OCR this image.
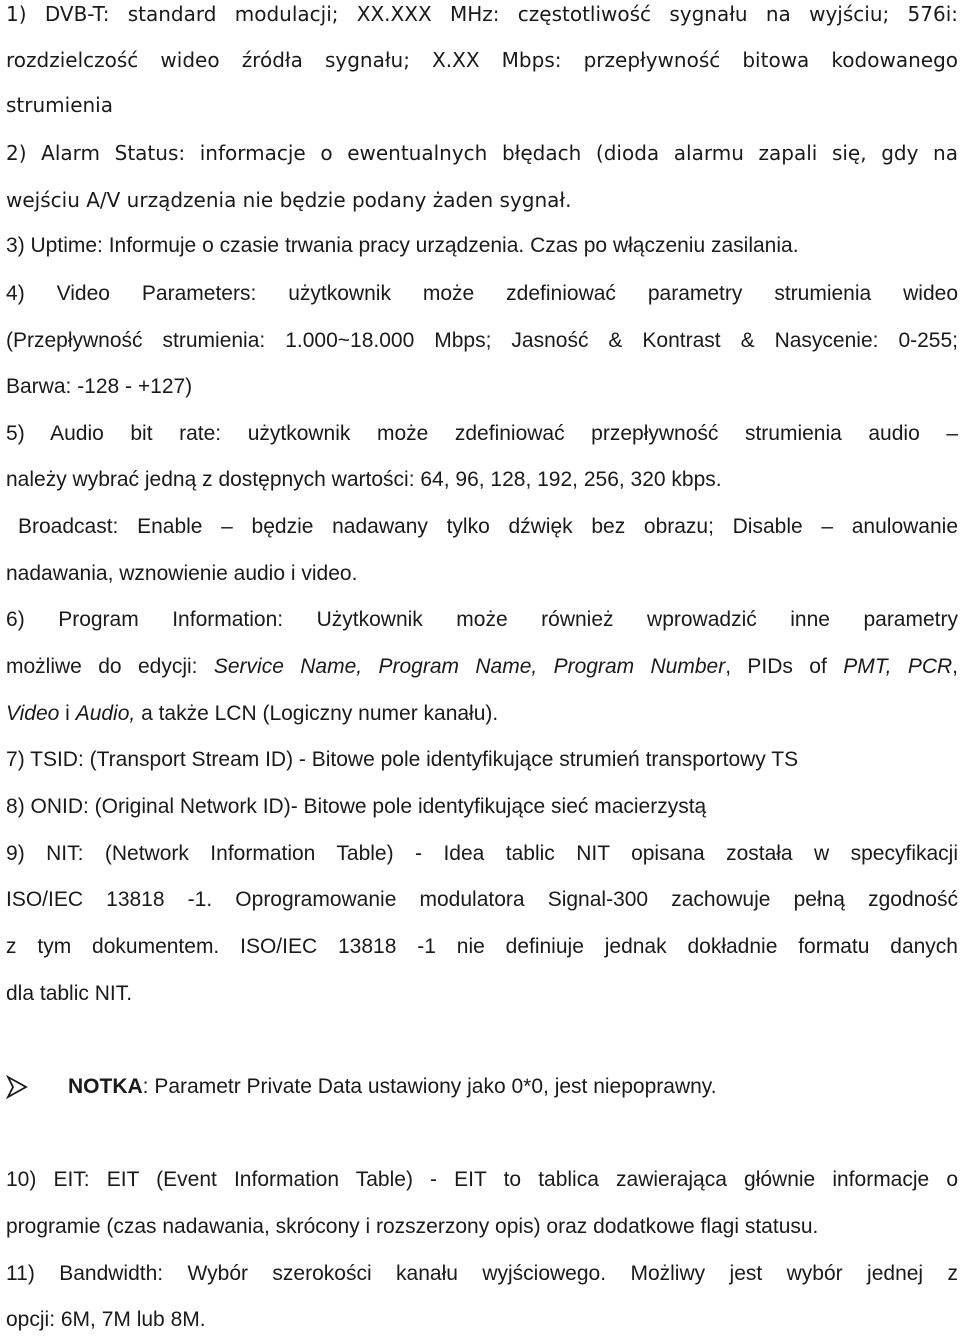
1) DVB-T: standard modulacji; XX.XXX MHz: częstotliwość sygnału na wyjściu; 576i:
rozdzielczość wideo źródła sygnału; X.XX Mbps: przepływność bitowa kodowanego
strumienia
2) Alarm Status: informacje o ewentualnych błędach (dioda alarmu zapali się, gdy na
wejściu A/V urządzenia nie będzie podany żaden sygnał.
3) Uptime: Informuje o czasie trwania pracy urządzenia. Czas po włączeniu zasilania.
4) Video Parameters: użytkownik może zdefiniować parametry strumienia wideo
(Przepływność strumienia: 1.000~18.000 Mbps; Jasność & Kontrast & Nasycenie: 0-255;
Barwa: -128 - +127)
5) Audio bit rate: użytkownik może zdefiniować przepływność strumienia audio –
należy wybrać jedną z dostępnych wartości: 64, 96, 128, 192, 256, 320 kbps.
Broadcast: Enable – będzie nadawany tylko dźwięk bez obrazu; Disable – anulowanie
nadawania, wznowienie audio i video.
6) Program Information: Użytkownik może również wprowadzić inne parametry
możliwe do edycji: Service Name, Program Name, Program Number, PIDs of PMT, PCR,
Video i Audio, a także LCN (Logiczny numer kanału).
7) TSID: (Transport Stream ID) - Bitowe pole identyfikujące strumień transportowy TS
8) ONID: (Original Network ID)- Bitowe pole identyfikujące sieć macierzystą
9) NIT: (Network Information Table) - Idea tablic NIT opisana została w specyfikacji
ISO/IEC 13818 -1. Oprogramowanie modulatora Signal-300 zachowuje pełną zgodność
z tym dokumentem. ISO/IEC 13818 -1 nie definiuje jednak dokładnie formatu danych
dla tablic NIT.
NOTKA: Parametr Private Data ustawiony jako 0*0, jest niepoprawny.
10) EIT: EIT (Event Information Table) - EIT to tablica zawierająca głównie informacje o
programie (czas nadawania, skrócony i rozszerzony opis) oraz dodatkowe flagi statusu.
11) Bandwidth: Wybór szerokości kanału wyjściowego. Możliwy jest wybór jednej z
opcji: 6M, 7M lub 8M.
